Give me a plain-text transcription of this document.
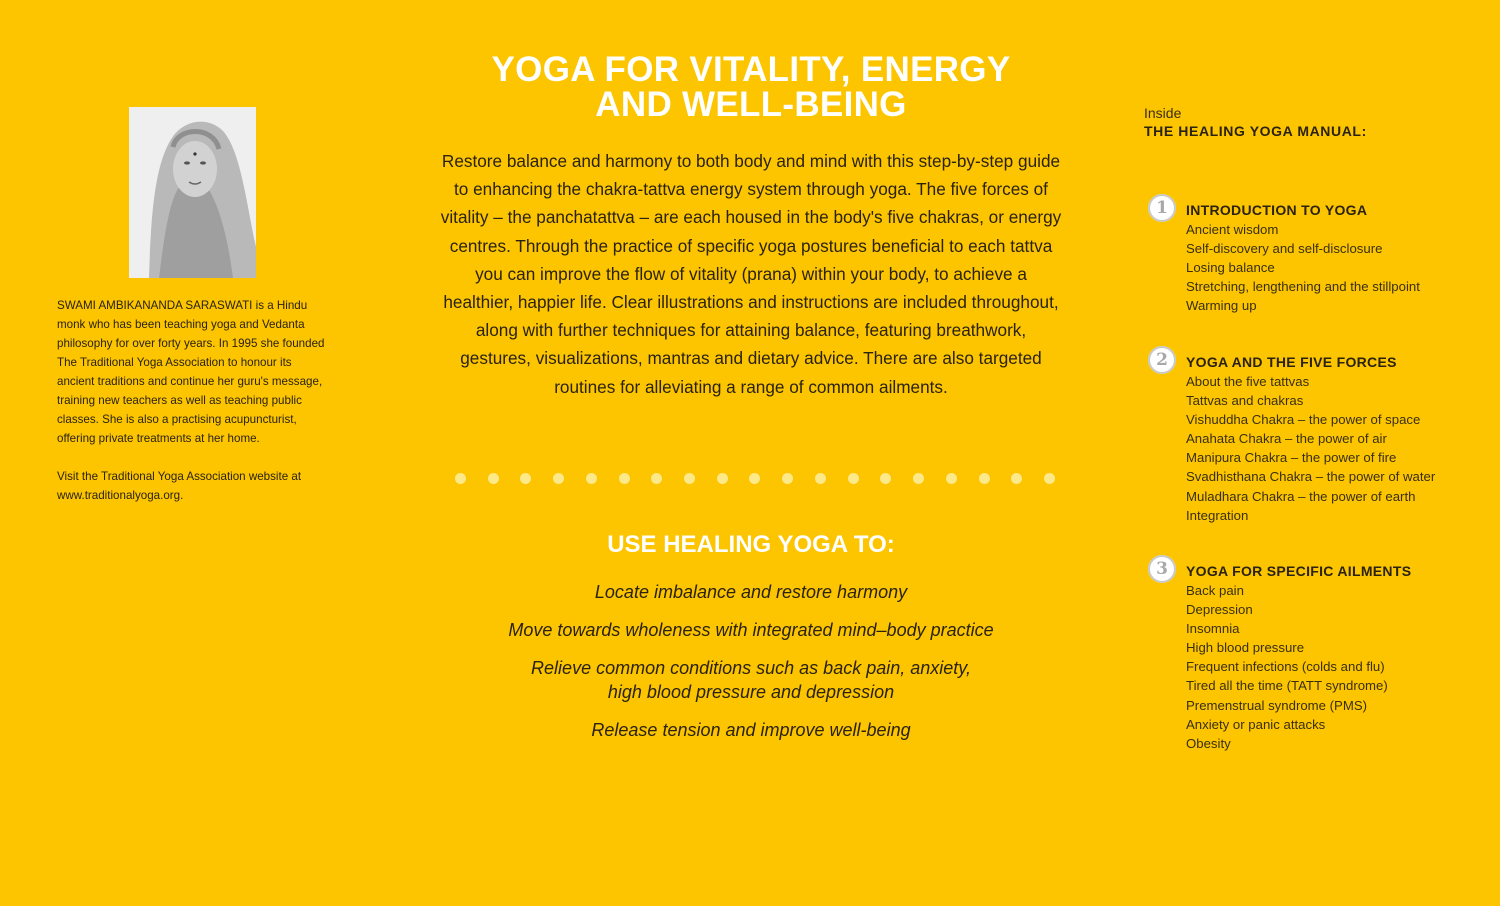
SWAMI AMBIKANANDA SARASWATI is a Hindu monk who has been teaching yoga and Vedanta philosophy for over forty years. In 1995 she founded The Traditional Yoga Association to honour its ancient traditions and continue her guru's message, training new teachers as well as teaching public classes. She is also a practising acupuncturist, offering private treatments at her home.

Visit the Traditional Yoga Association website at www.traditionalyoga.org.

YOGA FOR VITALITY, ENERGY
AND WELL-BEING
Restore balance and harmony to both body and mind with this step-by-step guide to enhancing the chakra-tattva energy system through yoga. The five forces of vitality – the panchatattva – are each housed in the body's five chakras, or energy centres. Through the practice of specific yoga postures beneficial to each tattva you can improve the flow of vitality (prana) within your body, to achieve a healthier, happier life. Clear illustrations and instructions are included throughout, along with further techniques for attaining balance, featuring breathwork, gestures, visualizations, mantras and dietary advice. There are also targeted routines for alleviating a range of common ailments.
USE HEALING YOGA TO:

Locate imbalance and restore harmony

Move towards wholeness with integrated mind–body practice

Relieve common conditions such as back pain, anxiety,

high blood pressure and depression

Release tension and improve well-being

Inside
THE HEALING YOGA MANUAL:
1	INTRODUCTION TO YOGA
Ancient wisdom
Self-discovery and self-disclosure
Losing balance
Stretching, lengthening and the stillpoint
Warming up
2	YOGA AND THE FIVE FORCES
About the five tattvas
Tattvas and chakras
Vishuddha Chakra – the power of space
Anahata Chakra – the power of air
Manipura Chakra – the power of fire
Svadhisthana Chakra – the power of water
Muladhara Chakra – the power of earth
Integration
3	YOGA FOR SPECIFIC AILMENTS
Back pain
Depression
Insomnia
High blood pressure
Frequent infections (colds and flu)
Tired all the time (TATT syndrome)
Premenstrual syndrome (PMS)
Anxiety or panic attacks
Obesity
